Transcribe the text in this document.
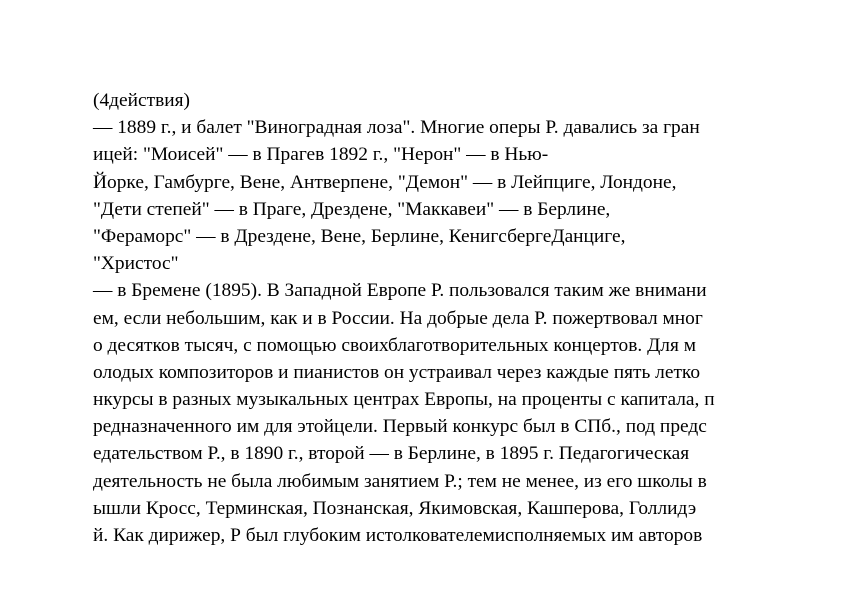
(4действия)
— 1889 г., и балет "Виноградная лоза". Многие оперы Р. давались за гран
ицей: "Моисей" — в Прагев 1892 г., "Нерон" — в Нью-
Йорке, Гамбурге, Вене, Антверпене, "Демон" — в Лейпциге, Лондоне,
"Дети степей" — в Праге, Дрездене, "Маккавеи" — в Берлине,
"Фераморс" — в Дрездене, Вене, Берлине, КенигсбергеДанциге,
"Христос"
— в Бремене (1895). В Западной Европе Р. пользовался таким же внимани
ем, если небольшим, как и в России. На добрые дела Р. пожертвовал мног
о десятков тысяч, с помощью своихблаготворительных концертов. Для м
олодых композиторов и пианистов он устраивал через каждые пять летко
нкурсы в разных музыкальных центрах Европы, на проценты с капитала, п
редназначенного им для этойцели. Первый конкурс был в СПб., под предс
едательством Р., в 1890 г., второй — в Берлине, в 1895 г. Педагогическая
деятельность не была любимым занятием Р.; тем не менее, из его школы в
ышли Кросс, Терминская, Познанская, Якимовская, Кашперова, Голлидэ
й. Как дирижер, Р был глубоким истолкователемисполняемых им авторов
